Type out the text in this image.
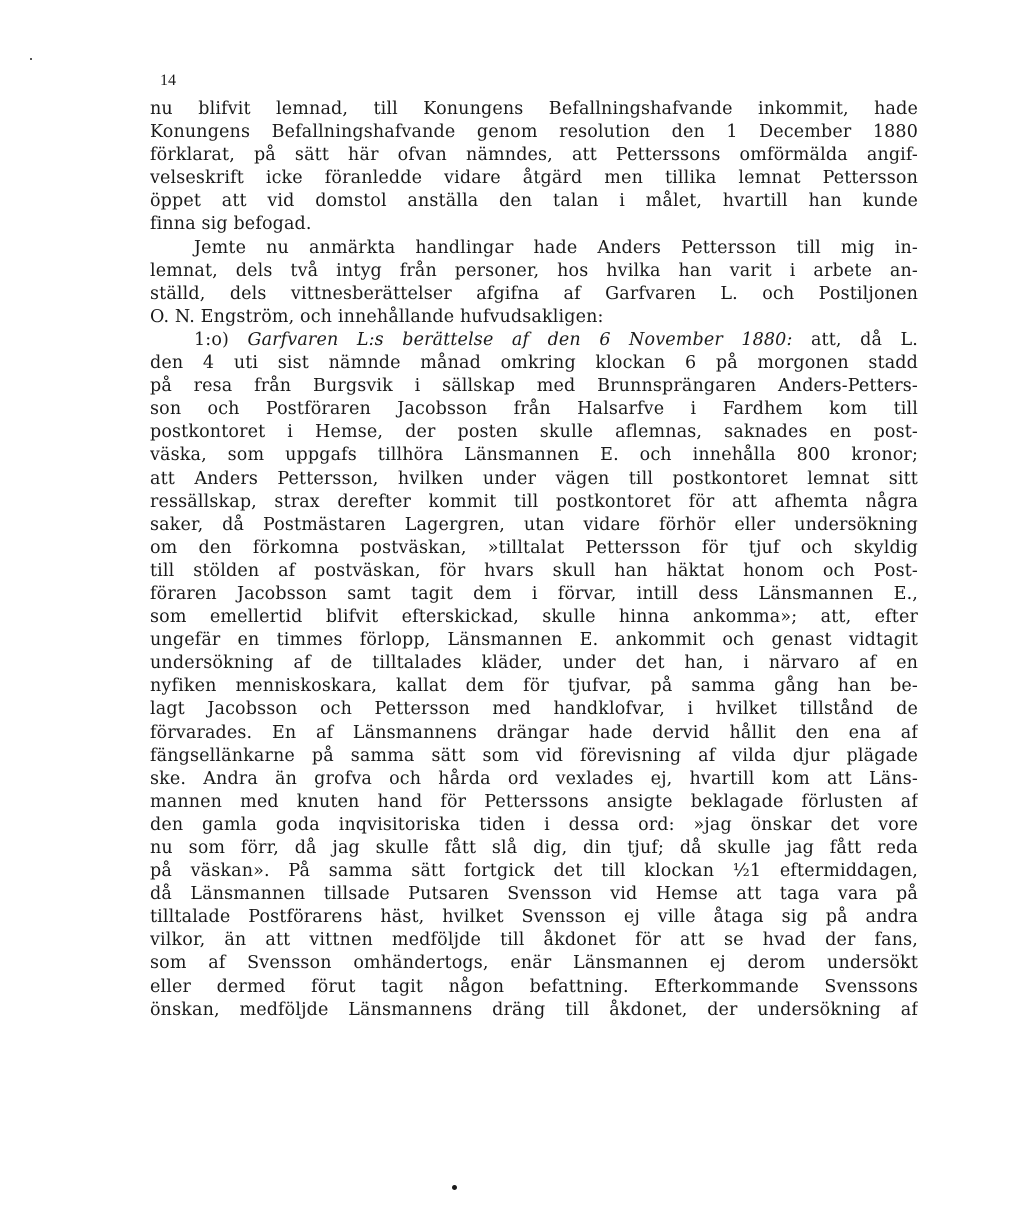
14
nu blifvit lemnad, till Konungens Befallningshafvande inkommit, hade
Konungens Befallningshafvande genom resolution den 1 December 1880
förklarat, på sätt här ofvan nämndes, att Petterssons omförmälda angif-
velseskrift icke föranledde vidare åtgärd men tillika lemnat Pettersson
öppet att vid domstol anställa den talan i målet, hvartill han kunde
finna sig befogad.
Jemte nu anmärkta handlingar hade Anders Pettersson till mig in-
lemnat, dels två intyg från personer, hos hvilka han varit i arbete an-
ställd, dels vittnesberättelser afgifna af Garfvaren L. och Postiljonen
O. N. Engström, och innehållande hufvudsakligen:
1:o) Garfvaren L:s berättelse af den 6 November 1880: att, då L.
den 4 uti sist nämnde månad omkring klockan 6 på morgonen stadd
på resa från Burgsvik i sällskap med Brunnsprängaren Anders-Petters-
son och Postföraren Jacobsson från Halsarfve i Fardhem kom till
postkontoret i Hemse, der posten skulle aflemnas, saknades en post-
väska, som uppgafs tillhöra Länsmannen E. och innehålla 800 kronor;
att Anders Pettersson, hvilken under vägen till postkontoret lemnat sitt
ressällskap, strax derefter kommit till postkontoret för att afhemta några
saker, då Postmästaren Lagergren, utan vidare förhör eller undersökning
om den förkomna postväskan, »tilltalat Pettersson för tjuf och skyldig
till stölden af postväskan, för hvars skull han häktat honom och Post-
föraren Jacobsson samt tagit dem i förvar, intill dess Länsmannen E.,
som emellertid blifvit efterskickad, skulle hinna ankomma»; att, efter
ungefär en timmes förlopp, Länsmannen E. ankommit och genast vidtagit
undersökning af de tilltalades kläder, under det han, i närvaro af en
nyfiken menniskoskara, kallat dem för tjufvar, på samma gång han be-
lagt Jacobsson och Pettersson med handklofvar, i hvilket tillstånd de
förvarades. En af Länsmannens drängar hade dervid hållit den ena af
fängsellänkarne på samma sätt som vid förevisning af vilda djur plägade
ske. Andra än grofva och hårda ord vexlades ej, hvartill kom att Läns-
mannen med knuten hand för Petterssons ansigte beklagade förlusten af
den gamla goda inqvisitoriska tiden i dessa ord: »jag önskar det vore
nu som förr, då jag skulle fått slå dig, din tjuf; då skulle jag fått reda
på väskan». På samma sätt fortgick det till klockan ½1 eftermiddagen,
då Länsmannen tillsade Putsaren Svensson vid Hemse att taga vara på
tilltalade Postförarens häst, hvilket Svensson ej ville åtaga sig på andra
vilkor, än att vittnen medföljde till åkdonet för att se hvad der fans,
som af Svensson omhändertogs, enär Länsmannen ej derom undersökt
eller dermed förut tagit någon befattning. Efterkommande Svenssons
önskan, medföljde Länsmannens dräng till åkdonet, der undersökning af
